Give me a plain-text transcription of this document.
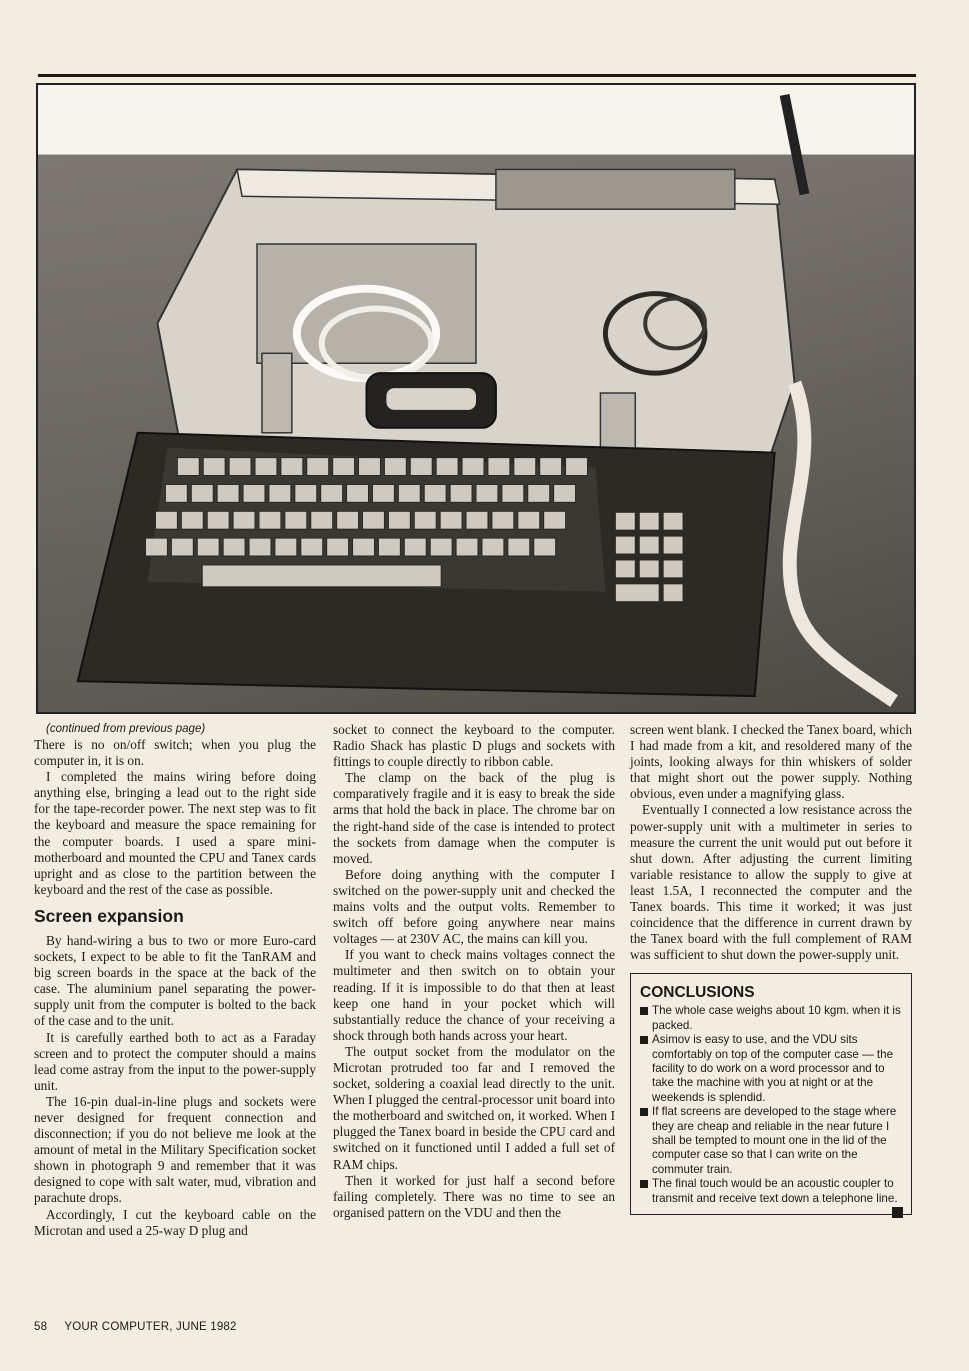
(continued from previous page)

There is no on/off switch; when you plug the computer in, it is on.

I completed the mains wiring before doing anything else, bringing a lead out to the right side for the tape-recorder power. The next step was to fit the keyboard and measure the space remaining for the computer boards. I used a spare mini-motherboard and mounted the CPU and Tanex cards upright and as close to the partition between the keyboard and the rest of the case as possible.

Screen expansion

By hand-wiring a bus to two or more Euro-card sockets, I expect to be able to fit the TanRAM and big screen boards in the space at the back of the case. The aluminium panel separating the power-supply unit from the computer is bolted to the back of the case and to the unit.

It is carefully earthed both to act as a Faraday screen and to protect the computer should a mains lead come astray from the input to the power-supply unit.

The 16-pin dual-in-line plugs and sockets were never designed for frequent connection and disconnection; if you do not believe me look at the amount of metal in the Military Specification socket shown in photograph 9 and remember that it was designed to cope with salt water, mud, vibration and parachute drops.

Accordingly, I cut the keyboard cable on the Microtan and used a 25-way D plug and

socket to connect the keyboard to the computer. Radio Shack has plastic D plugs and sockets with fittings to couple directly to ribbon cable.

The clamp on the back of the plug is comparatively fragile and it is easy to break the side arms that hold the back in place. The chrome bar on the right-hand side of the case is intended to protect the sockets from damage when the computer is moved.

Before doing anything with the computer I switched on the power-supply unit and checked the mains volts and the output volts. Remember to switch off before going anywhere near mains voltages — at 230V AC, the mains can kill you.

If you want to check mains voltages connect the multimeter and then switch on to obtain your reading. If it is impossible to do that then at least keep one hand in your pocket which will substantially reduce the chance of your receiving a shock through both hands across your heart.

The output socket from the modulator on the Microtan protruded too far and I removed the socket, soldering a coaxial lead directly to the unit. When I plugged the central-processor unit board into the motherboard and switched on, it worked. When I plugged the Tanex board in beside the CPU card and switched on it functioned until I added a full set of RAM chips.

Then it worked for just half a second before failing completely. There was no time to see an organised pattern on the VDU and then the

screen went blank. I checked the Tanex board, which I had made from a kit, and resoldered many of the joints, looking always for thin whiskers of solder that might short out the power supply. Nothing obvious, even under a magnifying glass.

Eventually I connected a low resistance across the power-supply unit with a multimeter in series to measure the current the unit would put out before it shut down. After adjusting the current limiting variable resistance to allow the supply to give at least 1.5A, I reconnected the computer and the Tanex boards. This time it worked; it was just coincidence that the difference in current drawn by the Tanex board with the full complement of RAM was sufficient to shut down the power-supply unit.

CONCLUSIONS
The whole case weighs about 10 kgm. when it is packed.
Asimov is easy to use, and the VDU sits comfortably on top of the computer case — the facility to do work on a word processor and to take the machine with you at night or at the weekends is splendid.
If flat screens are developed to the stage where they are cheap and reliable in the near future I shall be tempted to mount one in the lid of the computer case so that I can write on the commuter train.
The final touch would be an acoustic coupler to transmit and receive text down a telephone line.
58 YOUR COMPUTER, JUNE 1982
